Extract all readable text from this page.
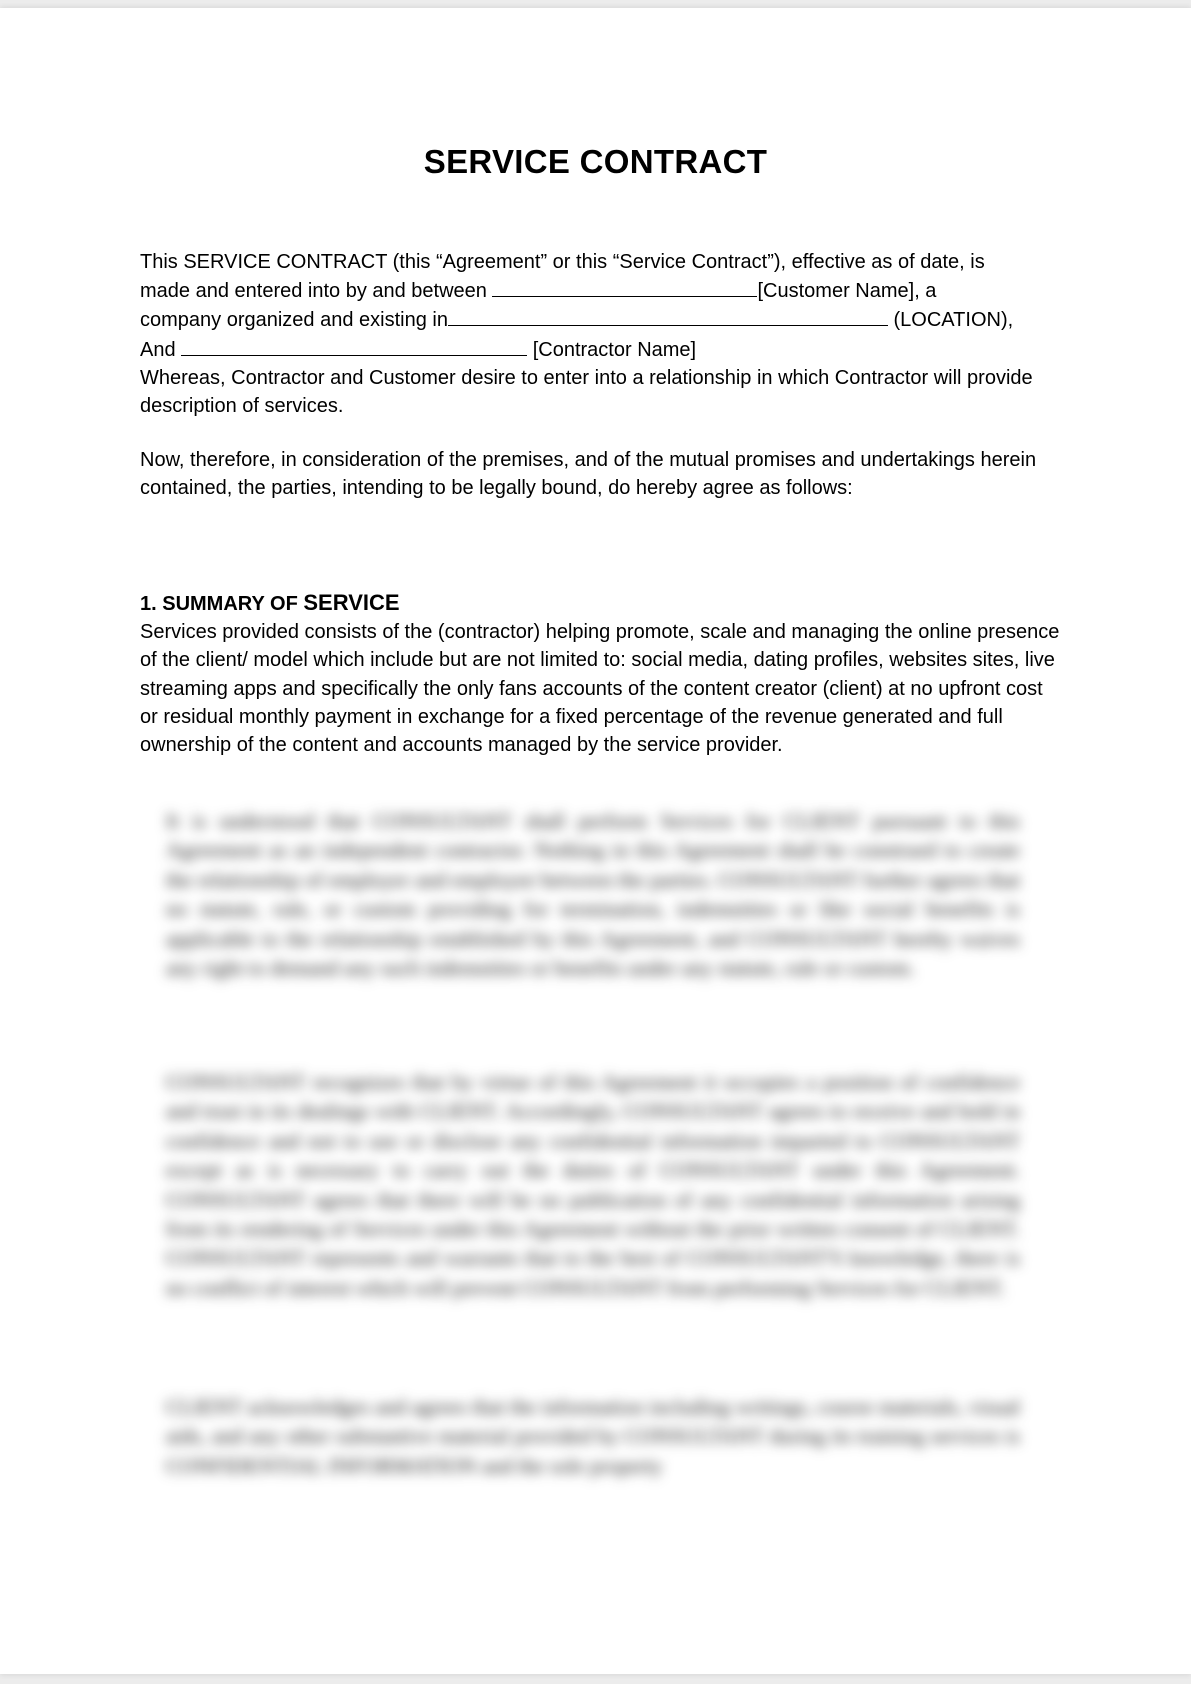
SERVICE CONTRACT
This SERVICE CONTRACT (this “Agreement” or this “Service Contract”), effective as of date, is
made and entered into by and between	[Customer Name], a
company organized and existing in	(LOCATION),
And	[Contractor Name]
Whereas, Contractor and Customer desire to enter into a relationship in which Contractor will provide description of services.
Now, therefore, in consideration of the premises, and of the mutual promises and undertakings herein contained, the parties, intending to be legally bound, do hereby agree as follows:
1. SUMMARY OF SERVICE
Services provided consists of the (contractor) helping promote, scale and managing the online presence of the client/ model which include but are not limited to: social media, dating profiles, websites sites, live streaming apps and specifically the only fans accounts of the content creator (client) at no upfront cost or residual monthly payment in exchange for a fixed percentage of the revenue generated and full ownership of the content and accounts managed by the service provider.
It is understood that CONSULTANT shall perform Services for CLIENT pursuant to this Agreement as an independent contractor. Nothing in this Agreement shall be construed to create the relationship of employer and employee between the parties. CONSULTANT further agrees that no statute, rule, or custom providing for termination, indemnities or like social benefits is applicable to the relationship established by this Agreement, and CONSULTANT hereby waives any right to demand any such indemnities or benefits under any statute, rule or custom.
CONSULTANT recognizes that by virtue of this Agreement it occupies a position of confidence and trust in its dealings with CLIENT. Accordingly, CONSULTANT agrees to receive and hold in confidence and not to use or disclose any confidential information imparted to CONSULTANT except as is necessary to carry out the duties of CONSULTANT under this Agreement. CONSULTANT agrees that there will be no publication of any confidential information arising from its rendering of Services under this Agreement without the prior written consent of CLIENT. CONSULTANT represents and warrants that to the best of CONSULTANT'S knowledge, there is no conflict of interest which will prevent CONSULTANT from performing Services for CLIENT.
CLIENT acknowledges and agrees that the information including writings, course materials, visual aids, and any other substantive material provided by CONSULTANT during its training services is CONFIDENTIAL INFORMATION and the sole property
